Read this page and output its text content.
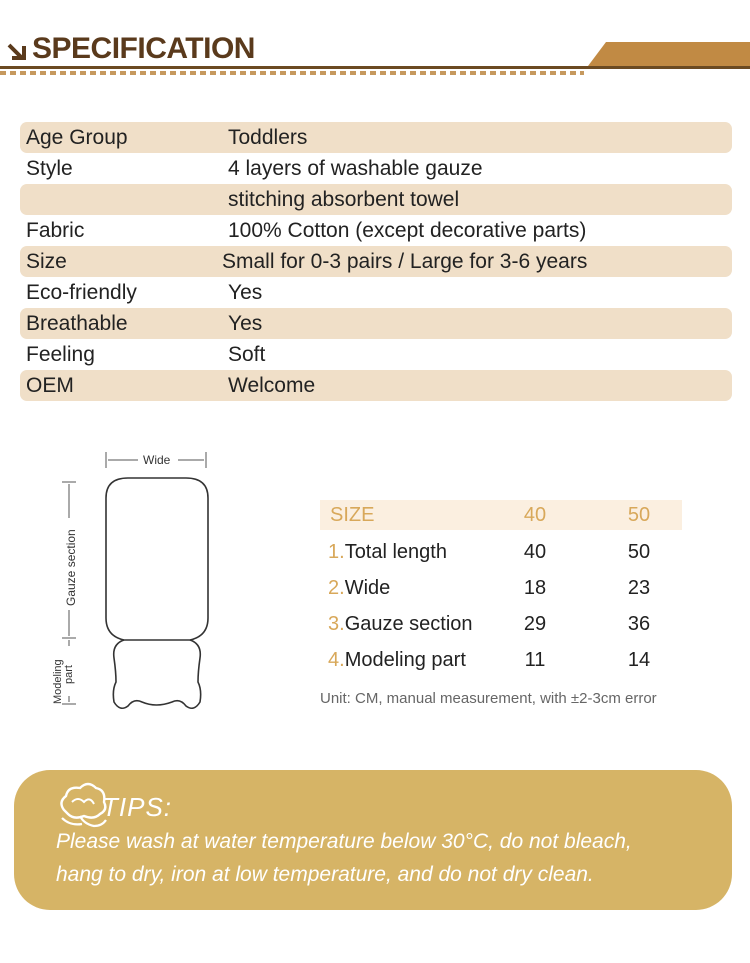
SPECIFICATION
Age Group	Toddlers
Style	4 layers of washable gauze
stitching absorbent towel
Fabric	100% Cotton (except decorative parts)
Size	Small for 0-3 pairs / Large for 3-6 years
Eco-friendly	Yes
Breathable	Yes
Feeling	Soft
OEM	Welcome
Wide
Gauze section
Modeling part
SIZE	40	50
1.Total length	40	50
2.Wide	18	23
3.Gauze section	29	36
4.Modeling part	11	14
Unit: CM, manual measurement, with ±2-3cm error
TIPS:
Please wash at water temperature below 30°C, do not bleach,
hang to dry, iron at low temperature, and do not dry clean.
